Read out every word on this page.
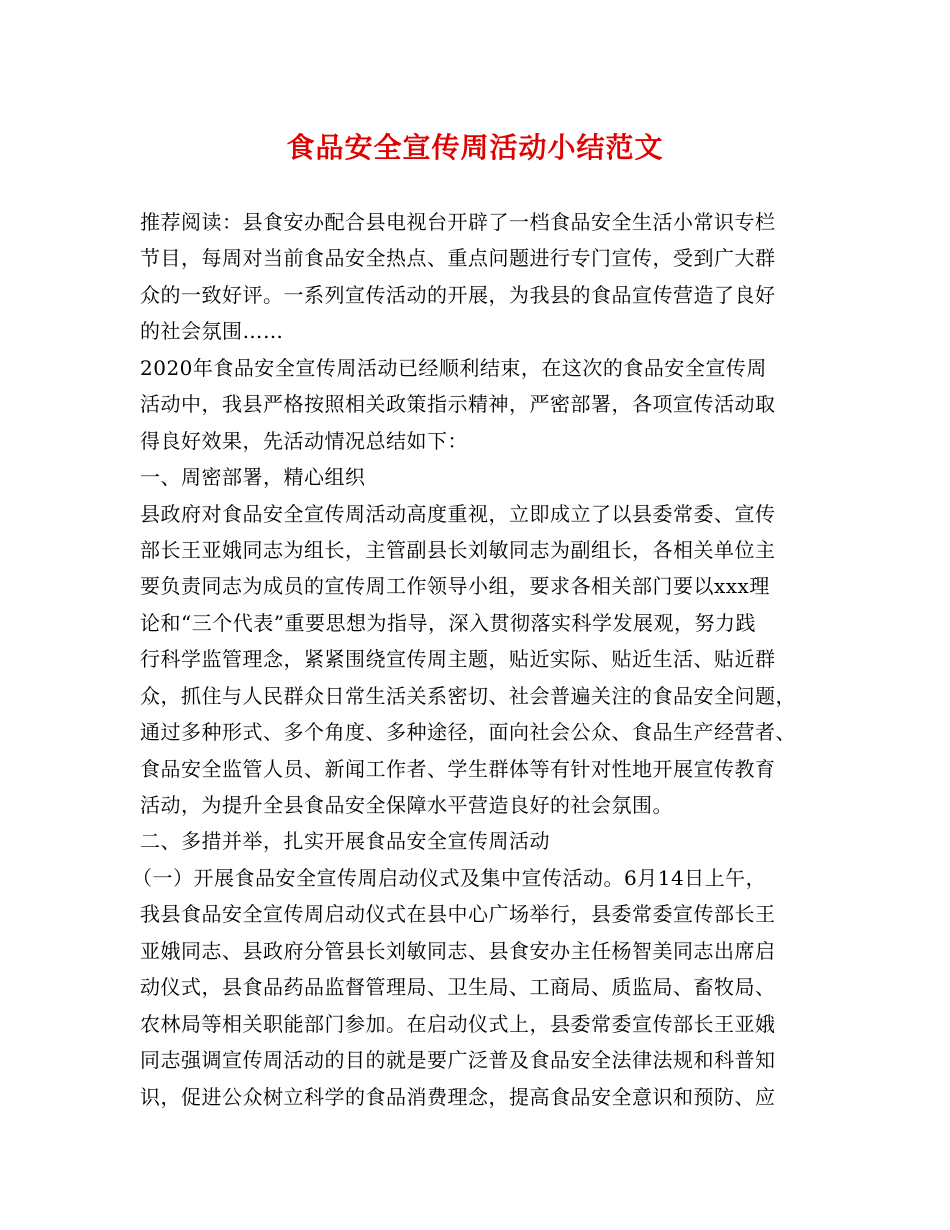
食品安全宣传周活动小结范文
推荐阅读：县食安办配合县电视台开辟了一档食品安全生活小常识专栏
节目，每周对当前食品安全热点、重点问题进行专门宣传，受到广大群
众的一致好评。一系列宣传活动的开展，为我县的食品宣传营造了良好
的社会氛围……
2020年食品安全宣传周活动已经顺利结束，在这次的食品安全宣传周
活动中，我县严格按照相关政策指示精神，严密部署，各项宣传活动取
得良好效果，先活动情况总结如下：
一、周密部署，精心组织
县政府对食品安全宣传周活动高度重视，立即成立了以县委常委、宣传
部长王亚娥同志为组长，主管副县长刘敏同志为副组长，各相关单位主
要负责同志为成员的宣传周工作领导小组，要求各相关部门要以xxx理
论和“三个代表”重要思想为指导，深入贯彻落实科学发展观，努力践
行科学监管理念，紧紧围绕宣传周主题，贴近实际、贴近生活、贴近群
众，抓住与人民群众日常生活关系密切、社会普遍关注的食品安全问题，
通过多种形式、多个角度、多种途径，面向社会公众、食品生产经营者、
食品安全监管人员、新闻工作者、学生群体等有针对性地开展宣传教育
活动，为提升全县食品安全保障水平营造良好的社会氛围。
二、多措并举，扎实开展食品安全宣传周活动
（一）开展食品安全宣传周启动仪式及集中宣传活动。6月14日上午，
我县食品安全宣传周启动仪式在县中心广场举行，县委常委宣传部长王
亚娥同志、县政府分管县长刘敏同志、县食安办主任杨智美同志出席启
动仪式，县食品药品监督管理局、卫生局、工商局、质监局、畜牧局、
农林局等相关职能部门参加。在启动仪式上，县委常委宣传部长王亚娥
同志强调宣传周活动的目的就是要广泛普及食品安全法律法规和科普知
识，促进公众树立科学的食品消费理念，提高食品安全意识和预防、应
